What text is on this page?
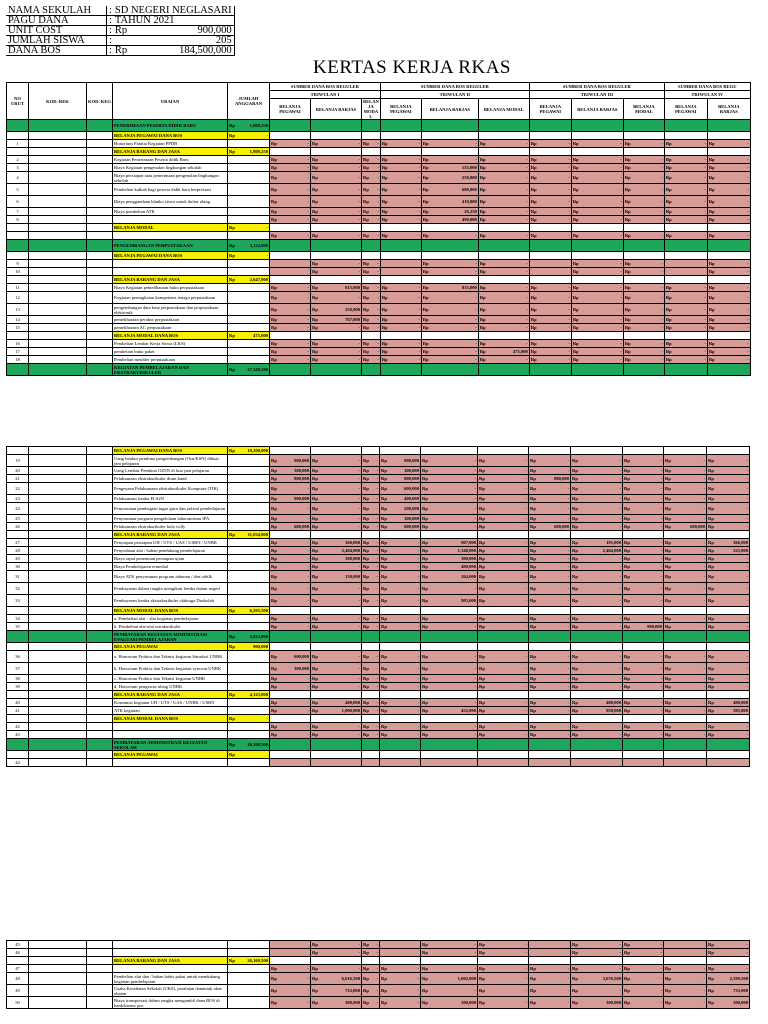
NAMA SEKULAH	: SD NEGERI NEGLASARI

PAGU DANA	: TAHUN 2021

UNIT COST	: Rp 900,000

JUMLAH SISWA	: 205

DANA BOS	: Rp 184,500,000
KERTAS KERJA RKAS
NO URUT	KOD. REK	KOD. KEG	URAIAN	JUMLAH ANGGARAN	SUMBER DANA BOS REGULER			SUMBER DANA BOS REGULER			SUMBER DANA BOS REGULER			SUMBER DANA BOS REGU	
					TRIWULAN I			TRIWULAN II			TRIWULAN III			TRIWULAN IV	
					BELANJA PEGAWAI	BELANJA BARJAS	BELAN JA MODA L	BELANJA PEGAWAI	BELANJA BARJAS	BELANJA MODAL	BELANJA PEGAWAI	BELANJA BARJAS	BELANJA MODAL	BELANJA PEGAWAI	BELANJA BARJAS
			PENERIMAAN PESERTA DIDIK BARU	Rp 1,809,250											

			BELANJA PEGAWAI DANA BOS	Rp -											

1			Honorium Panitia Kegiatan PPDB		Rp -	Rp -	Rp -	Rp -	Rp -	Rp -	Rp -	Rp -	Rp -	Rp -	Rp -

			BELANJA BARANG DAN JASA	Rp 1,809,250											

2			Kegiatan Penerimaan Peserta didik Baru		Rp -	Rp -	Rp -	Rp -	Rp -	Rp -	Rp -	Rp -	Rp -	Rp -	Rp -

3			Biaya Kegiatan pengenalan lingkungan sekolah		Rp -	Rp -	Rp -	Rp -	Rp 155,000	Rp -	Rp -	Rp -	Rp -	Rp -	Rp -

4			Biaya persiapan atau penerimaan pengenalan lingkungan sekolah		Rp -	Rp -	Rp -	Rp -	Rp 250,000	Rp -	Rp -	Rp -	Rp -	Rp -	Rp -

5			Pembelian kalkah bagi peserta didik baru berprestasi		Rp -	Rp -	Rp -	Rp -	Rp 600,000	Rp -	Rp -	Rp -	Rp -	Rp -	Rp -

6			Biaya penggandaan blanko siswa untuk daftar ulang		Rp -	Rp -	Rp -	Rp -	Rp 410,000	Rp -	Rp -	Rp -	Rp -	Rp -	Rp -

7			Biaya pembelian ATK		Rp -	Rp -	Rp -	Rp -	Rp 26,250	Rp -	Rp -	Rp -	Rp -	Rp -	Rp -

8					Rp -	Rp -	Rp -	Rp -	Rp 490,000	Rp -	Rp -	Rp -	Rp -	Rp -	Rp -

			BELANJA MODAL	Rp -											

					Rp -	Rp -	Rp -	Rp -	Rp -	Rp -	Rp -	Rp -	Rp -	Rp -	Rp -

			PENGEMBANGAN PERPUSTAKAAN	Rp 3,122,000											

			BELANJA PEGAWAI DANA BOS	Rp -											

9						Rp -	Rp -		Rp -	Rp -		Rp -	Rp -		Rp -

10						Rp -	Rp -		Rp -	Rp -		Rp -	Rp -		Rp -

			BELANJA BARANG DAN JASA	Rp 2,647,000											

11			Biaya Kegiatan pemeliharaan buku perpustakaan		Rp -	Rp 815,000	Rp -	Rp -	Rp 815,000	Rp -	Rp -	Rp -	Rp -	Rp -	Rp -

12			Kegiatan peningkatan kompetensi tenaga perpustakaan		Rp -	Rp -	Rp -	Rp -	Rp -	Rp -	Rp -	Rp -	Rp -	Rp -	Rp -

13			pengembangan data base perpustakaan dan perpustakaan elektronik		Rp -	Rp 250,000	Rp -	Rp -	Rp -	Rp -	Rp -	Rp -	Rp -	Rp -	Rp -

14			pemeliharaan perabot perpustakaan		Rp -	Rp 767,000	Rp -	Rp -	Rp -	Rp -	Rp -	Rp -	Rp -	Rp -	Rp -

15			pemeliharaan AC perpustakaan		Rp -	Rp -	Rp -	Rp -	Rp -	Rp -	Rp -	Rp -	Rp -	Rp -	Rp -

			BELANJA MODAL DANA BOS	Rp 475,000											

16			Pembelian Lembar Kerja Siswa (LKS)		Rp -	Rp -	Rp -	Rp -	Rp -	Rp -	Rp -	Rp -	Rp -	Rp -	Rp -

17			pembelian buku paket		Rp -	Rp -	Rp -	Rp -	Rp -	Rp 475,000	Rp -	Rp -	Rp -	Rp -	Rp -

18			Pembelian meubler perpustakaan		Rp -	Rp -	Rp -	Rp -	Rp -	Rp -	Rp -	Rp -	Rp -	Rp -	Rp -

			KEGIATAN PEMBELAJARAN DAN EKSTRAKURIKULER	Rp 27,349,500											

			BELANJA PEGAWAI DANA BOS	Rp 10,200,000											

19			Uang lembur pembina pengembangan (Osn/KSN) dibuat jam pelajaran		Rp 900,000	Rp -	Rp -	Rp 900,000	Rp -	Rp -	Rp -	Rp -	Rp -	Rp -	Rp -

20			Uang Lembur Pembina OZSN di luar jam pelajaran		Rp 300,000	Rp -	Rp -	Rp 300,000	Rp -	Rp -	Rp -	Rp -	Rp -	Rp -	Rp -

21			Pelaksanaan ekstrakurikuler drum band		Rp 800,000	Rp -	Rp -	Rp 800,000	Rp -	Rp -	Rp 800,000	Rp -	Rp -	Rp -	Rp -

22			Pengeyaan Pelaksanaan ekstrakurikuler Komputer (TIK)		Rp -	Rp -	Rp -	Rp 600,000	Rp -	Rp -	Rp -	Rp -	Rp -	Rp -	Rp -

23			Pelaksanaan lomba FLS2N		Rp 900,000	Rp -	Rp -	Rp 400,000	Rp -	Rp -	Rp -	Rp -	Rp -	Rp -	Rp -

24			Penyusunan pembagian tugas guru dan jadwal pembelajaran		Rp -	Rp -	Rp -	Rp 200,000	Rp -	Rp -	Rp -	Rp -	Rp -	Rp -	Rp -

25			Penyusunan program pengelolaan laboratorium IPA		Rp -	Rp -	Rp -	Rp 300,000	Rp -	Rp -	Rp -	Rp -	Rp -	Rp -	Rp -

26			Pelaksanaan ekstrakurikuler bola volly		Rp 600,000	Rp -	Rp -	Rp 600,000	Rp -	Rp -	Rp 600,000	Rp -	Rp -	Rp 600,000	Rp -

			BELANJA BARANG DAN JASA	Rp 11,034,000											

27			Penyiapan persiapan UH / UTS / UAS / USBN / UNBK		Rp -	Rp 360,000	Rp -	Rp -	Rp 907,000	Rp -	Rp -	Rp 195,000	Rp -	Rp -	Rp 366,000

28			Penyediaan alat / bahan pendukung pembelajaran		Rp -	Rp 2,404,000	Rp -	Rp -	Rp 1,348,000	Rp -	Rp -	Rp 2,404,000	Rp -	Rp -	Rp 525,000

29			Biaya rapat penentuan persiapan ujian		Rp -	Rp 300,000	Rp -	Rp -	Rp 300,000	Rp -	Rp -	Rp -	Rp -	Rp -	Rp -

30			Biaya Pembelajaran remedial		Rp -	Rp -	Rp -	Rp -	Rp 400,000	Rp -	Rp -	Rp -	Rp -	Rp -	Rp -

31			Biaya ATK penyusunan program tahunan / dan rabtlk		Rp -	Rp 130,000	Rp -	Rp -	Rp 264,000	Rp -	Rp -	Rp -	Rp -	Rp -	Rp -

32			Pembayaran dalam rangka mengikuti lomba dalam negeri		Rp -	Rp -	Rp -	Rp -	Rp -	Rp -	Rp -	Rp -	Rp -	Rp -	Rp -

33			Pembayaran lomba ekstrakurikuler olahraga Duskolah		Rp -	Rp -	Rp -	Rp -	Rp 983,000	Rp -	Rp -	Rp -	Rp -	Rp -	Rp -

			BELANJA MODAL DANA BOS	Rp 6,295,500											

34			a. Pembelian alat - alat kegiatan pembelajaran		Rp -	Rp -	Rp -	Rp -	Rp -	Rp -	Rp -	Rp -	Rp -	Rp -	Rp -

35			b. Pembelian alat-alat estrakurikuler		Rp -	Rp -	Rp -	Rp -	Rp -	Rp -	Rp -	Rp -	Rp 990,000	Rp -	Rp -

			PEMBAYARAN KEGIATAN ADMINISTRASI EVALUASI PEMBELAJARAN	Rp 5,023,000											

			BELANJA PEGAWAI	Rp 900,000											

36			a. Honorium Proktor dan Teknisi kegiatan Simulasi UNBK		Rp 600,000	Rp -	Rp -	Rp -	Rp -	Rp -	Rp -	Rp -	Rp -	Rp -	Rp -

37			b. Honorium Proktor dan Teknisi kegiatan syncron UNBK		Rp 300,000	Rp -	Rp -	Rp -	Rp -	Rp -	Rp -	Rp -	Rp -	Rp -	Rp -

38			c. Honorium Proktor dan Teknisi kegiatan UNBK		Rp -	Rp -	Rp -	Rp -	Rp -	Rp -	Rp -	Rp -	Rp -	Rp -	Rp -

39			d. Honorium pengawas ulang UNBK		Rp -	Rp -	Rp -	Rp -	Rp -	Rp -	Rp -	Rp -	Rp -	Rp -	Rp -

			BELANJA BARANG DAN JASA	Rp 4,123,000											

40			Konsumsi kegiatan UH / UTS / UAS / UNBK / USBN		Rp -	Rp 400,000	Rp -	Rp -	Rp -	Rp -	Rp -	Rp 400,000	Rp -	Rp -	Rp 400,000

41			ATK kegiatan		Rp -	Rp 1,000,000	Rp -	Rp -	Rp 452,000	Rp -	Rp -	Rp 958,000	Rp -	Rp -	Rp 585,000

			BELANJA MODAL DANA BOS	Rp -											

42					Rp -	Rp -	Rp -	Rp -	Rp -	Rp -	Rp -	Rp -	Rp -	Rp -	Rp -

43					Rp -	Rp -	Rp -	Rp -	Rp -	Rp -	Rp -	Rp -	Rp -	Rp -	Rp -

			PEMBAYARAN ADMINISTRASI KEGIATAN SEKOLAH	Rp 26,169,500											

			BELANJA PEGAWAI	Rp											

44					

45						Rp -	Rp -		Rp -	Rp -		Rp -	Rp -		Rp -

46						Rp -	Rp -		Rp -	Rp -		Rp -	Rp -		Rp -

			BELANJA BARANG DAN JASA	Rp 26,169,500											

47					Rp -	Rp -	Rp -	Rp -	Rp -	Rp -	Rp -	Rp -	Rp -	Rp -	Rp -

48			Pembelian alat dan / bahan habis pakai untuk mendukung kegiatan pembelajaran		Rp -	Rp 6,016,500	Rp -	Rp -	Rp 1,002,000	Rp -	Rp -	Rp 3,676,500	Rp -	Rp -	Rp 2,599,500

49			Usaha Kesehatan Sekolah (UKS), peralatan danuntuk obat-obatan		Rp -	Rp 733,000	Rp -	Rp -	Rp -	Rp -	Rp -	Rp -	Rp -	Rp -	Rp 733,000

50			Biaya transportasi dalam rangka mengambil dana BOS di bank/kantor pos		Rp -	Rp 300,000	Rp -	Rp -	Rp 300,000	Rp -	Rp -	Rp 300,000	Rp -	Rp -	Rp 300,000
